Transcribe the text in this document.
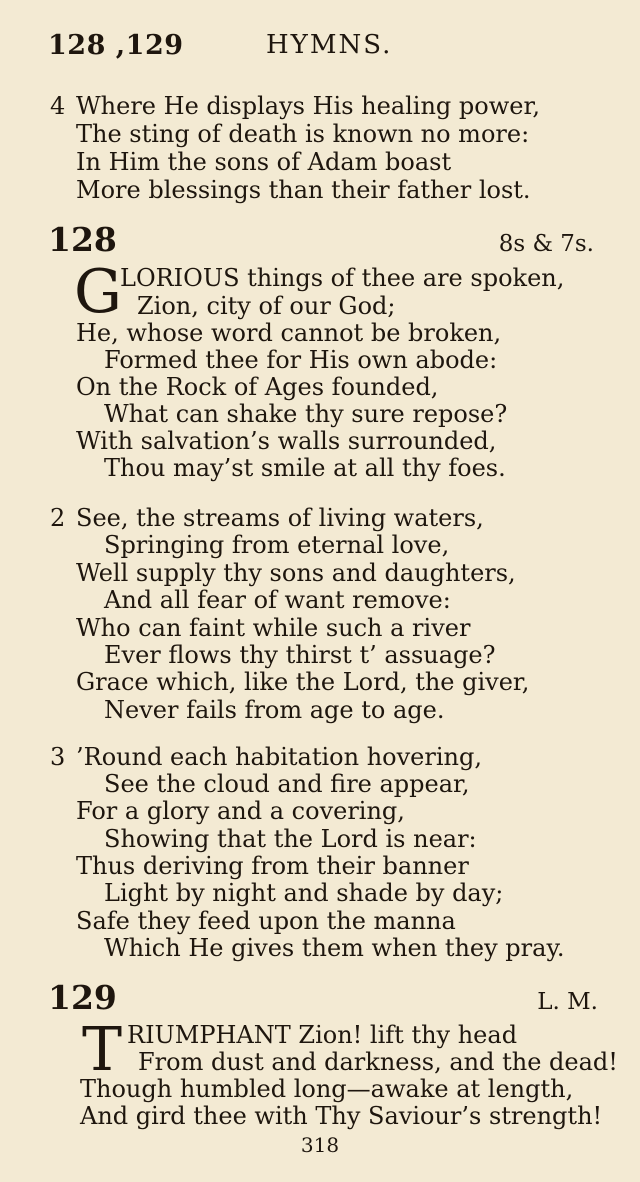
128 ,129	HYMNS.
4 Where He displays His healing power,
The sting of death is known no more:
In Him the sons of Adam boast
More blessings than their father lost.
128	8s & 7s.
G
LORIOUS things of thee are spoken,
Zion, city of our God;
He, whose word cannot be broken,
Formed thee for His own abode:
On the Rock of Ages founded,
What can shake thy sure repose?
With salvation’s walls surrounded,
Thou may’st smile at all thy foes.
2 See, the streams of living waters,
Springing from eternal love,
Well supply thy sons and daughters,
And all fear of want remove:
Who can faint while such a river
Ever flows thy thirst t’ assuage?
Grace which, like the Lord, the giver,
Never fails from age to age.
3 ’Round each habitation hovering,
See the cloud and fire appear,
For a glory and a covering,
Showing that the Lord is near:
Thus deriving from their banner
Light by night and shade by day;
Safe they feed upon the manna
Which He gives them when they pray.
129	L. M.
T RIUMPHANT Zion! lift thy head
From dust and darkness, and the dead!
Though humbled long—awake at length,
And gird thee with Thy Saviour’s strength!
318
